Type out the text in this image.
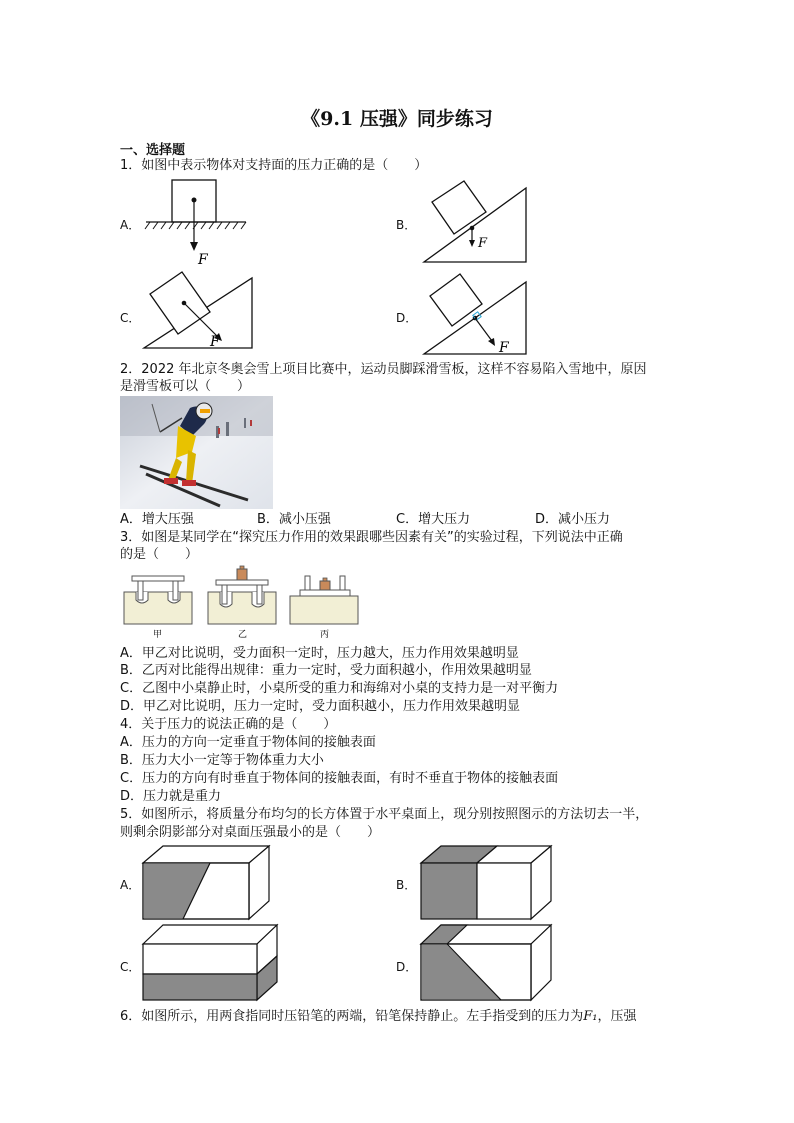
《9.1 压强》同步练习
一、选择题
1．如图中表示物体对支持面的压力正确的是（　　）
A．
F
B．
F
C．
F
D．
F
2．2022 年北京冬奥会雪上项目比赛中，运动员脚踩滑雪板，这样不容易陷入雪地中，原因
是滑雪板可以（　　）
A．增大压强	B．减小压强	C．增大压力	D．减小压力
3．如图是某同学在“探究压力作用的效果跟哪些因素有关”的实验过程，下列说法中正确
的是（　　）
甲	乙	丙
A．甲乙对比说明，受力面积一定时，压力越大，压力作用效果越明显
B．乙丙对比能得出规律：重力一定时，受力面积越小，作用效果越明显
C．乙图中小桌静止时，小桌所受的重力和海绵对小桌的支持力是一对平衡力
D．甲乙对比说明，压力一定时，受力面积越小，压力作用效果越明显
4．关于压力的说法正确的是（　　）
A．压力的方向一定垂直于物体间的接触表面
B．压力大小一定等于物体重力大小
C．压力的方向有时垂直于物体间的接触表面，有时不垂直于物体的接触表面
D．压力就是重力
5．如图所示，将质量分布均匀的长方体置于水平桌面上，现分别按照图示的方法切去一半，
则剩余阴影部分对桌面压强最小的是（　　）
A．	B．
C．	D．
6．如图所示，用两食指同时压铅笔的两端，铅笔保持静止。左手指受到的压力为F₁，压强
